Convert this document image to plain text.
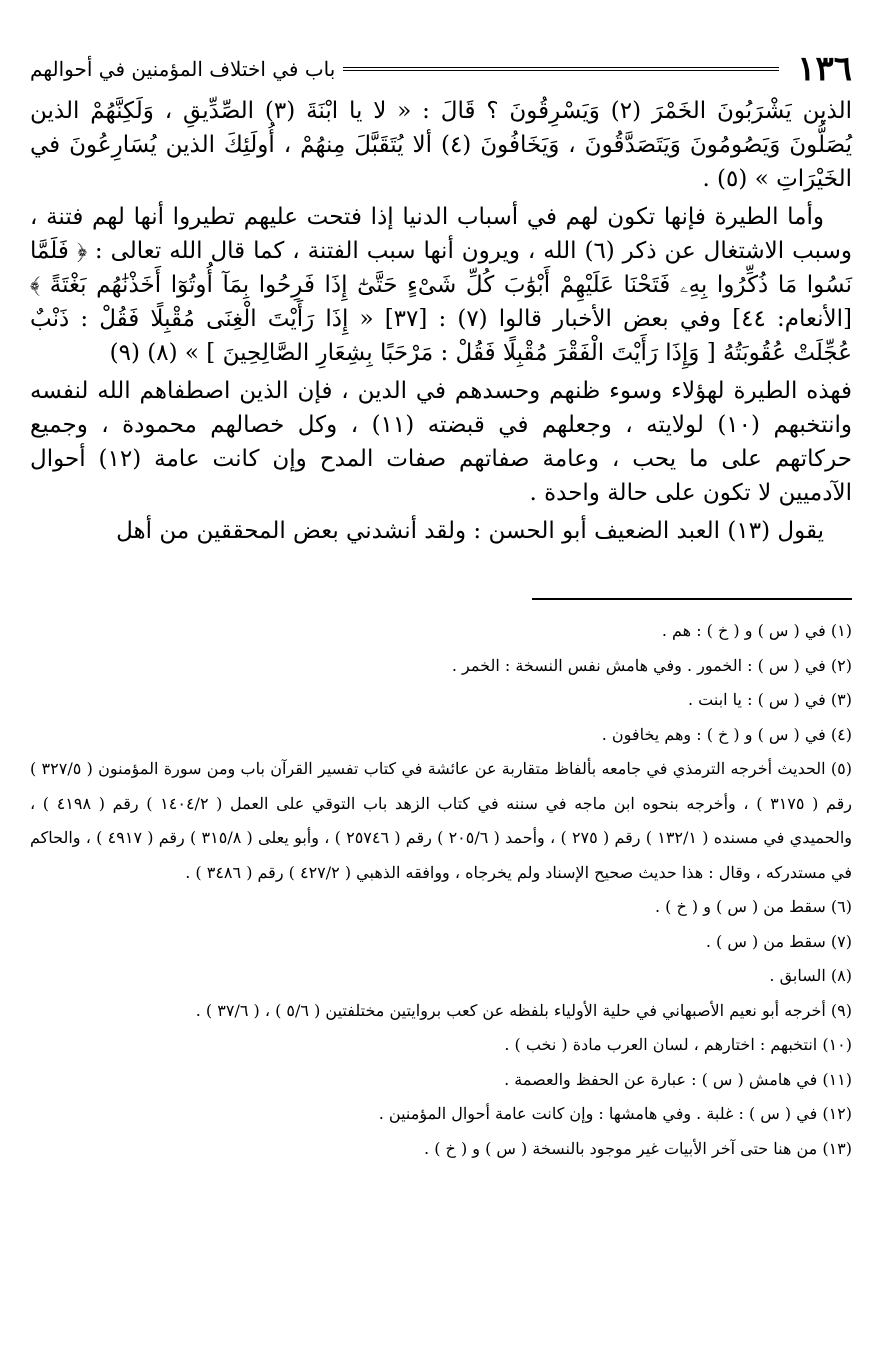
١٣٦
باب في اختلاف المؤمنين في أحوالهم

الذين يَشْرَبُونَ الخَمْرَ (٢) وَيَسْرِقُونَ ؟ قَالَ : « لا يا ابْنَةَ (٣) الصِّدِّيقِ ، وَلَكِنَّهُمْ الذين يُصَلُّونَ وَيَصُومُونَ وَيَتَصَدَّقُونَ ، وَيَخَافُونَ (٤) ألا يُتَقَبَّلَ مِنهُمْ ، أُولَئِكَ الذين يُسَارِعُونَ في الخَيْرَاتِ » (٥) .

وأما الطيرة فإنها تكون لهم في أسباب الدنيا إذا فتحت عليهم تطيروا أنها لهم فتنة ، وسبب الاشتغال عن ذكر (٦) الله ، ويرون أنها سبب الفتنة ، كما قال الله تعالى : ﴿ فَلَمَّا نَسُوا مَا ذُكِّرُوا بِهِۦ فَتَحْنَا عَلَيْهِمْ أَبْوَٰبَ كُلِّ شَىْءٍ حَتَّىٰٓ إِذَا فَرِحُوا بِمَآ أُوتُوٓا أَخَذْنَٰهُم بَغْتَةً ﴾ [الأنعام: ٤٤] وفي بعض الأخبار قالوا (٧) : [٣٧] « إِذَا رَأَيْتَ الْغِنَى مُقْبِلًا فَقُلْ : ذَنْبٌ عُجِّلَتْ عُقُوبَتُهُ [ وَإِذَا رَأَيْتَ الْفَقْرَ مُقْبِلًا فَقُلْ : مَرْحَبًا بِشِعَارِ الصَّالِحِينَ ] » (٨) (٩)

فهذه الطيرة لهؤلاء وسوء ظنهم وحسدهم في الدين ، فإن الذين اصطفاهم الله لنفسه وانتخبهم (١٠) لولايته ، وجعلهم في قبضته (١١) ، وكل خصالهم محمودة ، وجميع حركاتهم على ما يحب ، وعامة صفاتهم صفات المدح وإن كانت عامة (١٢) أحوال الآدميين لا تكون على حالة واحدة .

يقول (١٣) العبد الضعيف أبو الحسن : ولقد أنشدني بعض المحققين من أهل

(١) في ( س ) و ( خ ) : هم .

(٢) في ( س ) : الخمور . وفي هامش نفس النسخة : الخمر .

(٣) في ( س ) : يا ابنت .

(٤) في ( س ) و ( خ ) : وهم يخافون .

(٥) الحديث أخرجه الترمذي في جامعه بألفاظ متقاربة عن عائشة في كتاب تفسير القرآن باب ومن سورة المؤمنون ( ٣٢٧/٥ ) رقم ( ٣١٧٥ ) ، وأخرجه بنحوه ابن ماجه في سننه في كتاب الزهد باب التوقي على العمل ( ١٤٠٤/٢ ) رقم ( ٤١٩٨ ) ، والحميدي في مسنده ( ١٣٢/١ ) رقم ( ٢٧٥ ) ، وأحمد ( ٢٠٥/٦ ) رقم ( ٢٥٧٤٦ ) ، وأبو يعلى ( ٣١٥/٨ ) رقم ( ٤٩١٧ ) ، والحاكم في مستدركه ، وقال : هذا حديث صحيح الإسناد ولم يخرجاه ، ووافقه الذهبي ( ٤٢٧/٢ ) رقم ( ٣٤٨٦ ) .

(٦) سقط من ( س ) و ( خ ) .

(٧) سقط من ( س ) .

(٨) السابق .

(٩) أخرجه أبو نعيم الأصبهاني في حلية الأولياء بلفظه عن كعب بروايتين مختلفتين ( ٥/٦ ) ، ( ٣٧/٦ ) .

(١٠) انتخبهم : اختارهم ، لسان العرب مادة ( نخب ) .

(١١) في هامش ( س ) : عبارة عن الحفظ والعصمة .

(١٢) في ( س ) : غلبة . وفي هامشها : وإن كانت عامة أحوال المؤمنين .

(١٣) من هنا حتى آخر الأبيات غير موجود بالنسخة ( س ) و ( خ ) .
